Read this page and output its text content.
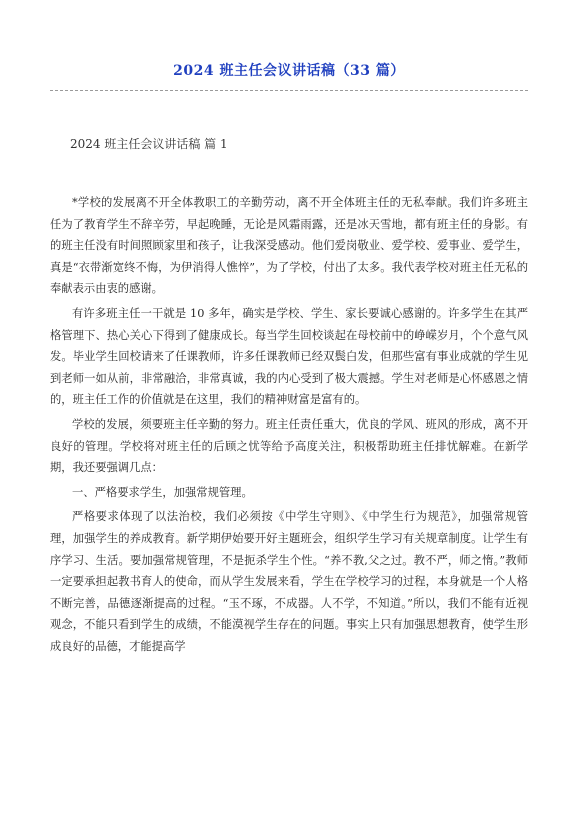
2024 班主任会议讲话稿（33 篇）
2024 班主任会议讲话稿 篇 1

*学校的发展离不开全体教职工的辛勤劳动，离不开全体班主任的无私奉献。我们许多班主任为了教育学生不辞辛劳，早起晚睡，无论是风霜雨露，还是冰天雪地，都有班主任的身影。有的班主任没有时间照顾家里和孩子，让我深受感动。他们爱岗敬业、爱学校、爱事业、爱学生，真是“衣带渐宽终不悔，为伊消得人憔悴”，为了学校，付出了太多。我代表学校对班主任无私的奉献表示由衷的感谢。

有许多班主任一干就是 10 多年，确实是学校、学生、家长要诚心感谢的。许多学生在其严格管理下、热心关心下得到了健康成长。每当学生回校谈起在母校前中的峥嵘岁月，个个意气风发。毕业学生回校请来了任课教师，许多任课教师已经双鬓白发，但那些富有事业成就的学生见到老师一如从前，非常融洽，非常真诚，我的内心受到了极大震撼。学生对老师是心怀感恩之情的，班主任工作的价值就是在这里，我们的精神财富是富有的。

学校的发展，须要班主任辛勤的努力。班主任责任重大，优良的学风、班风的形成，离不开良好的管理。学校将对班主任的后顾之忧等给予高度关注，积极帮助班主任排忧解难。在新学期，我还要强调几点：

一、严格要求学生，加强常规管理。

严格要求体现了以法治校，我们必须按《中学生守则》、《中学生行为规范》，加强常规管理，加强学生的养成教育。新学期伊始要开好主题班会，组织学生学习有关规章制度。让学生有序学习、生活。要加强常规管理，不是扼杀学生个性。“养不教,父之过。教不严，师之惰。”教师一定要承担起教书育人的使命，而从学生发展来看，学生在学校学习的过程，本身就是一个人格不断完善，品德逐渐提高的过程。“玉不琢，不成器。人不学，不知道。”所以，我们不能有近视观念，不能只看到学生的成绩，不能漠视学生存在的问题。事实上只有加强思想教育，使学生形成良好的品德，才能提高学
